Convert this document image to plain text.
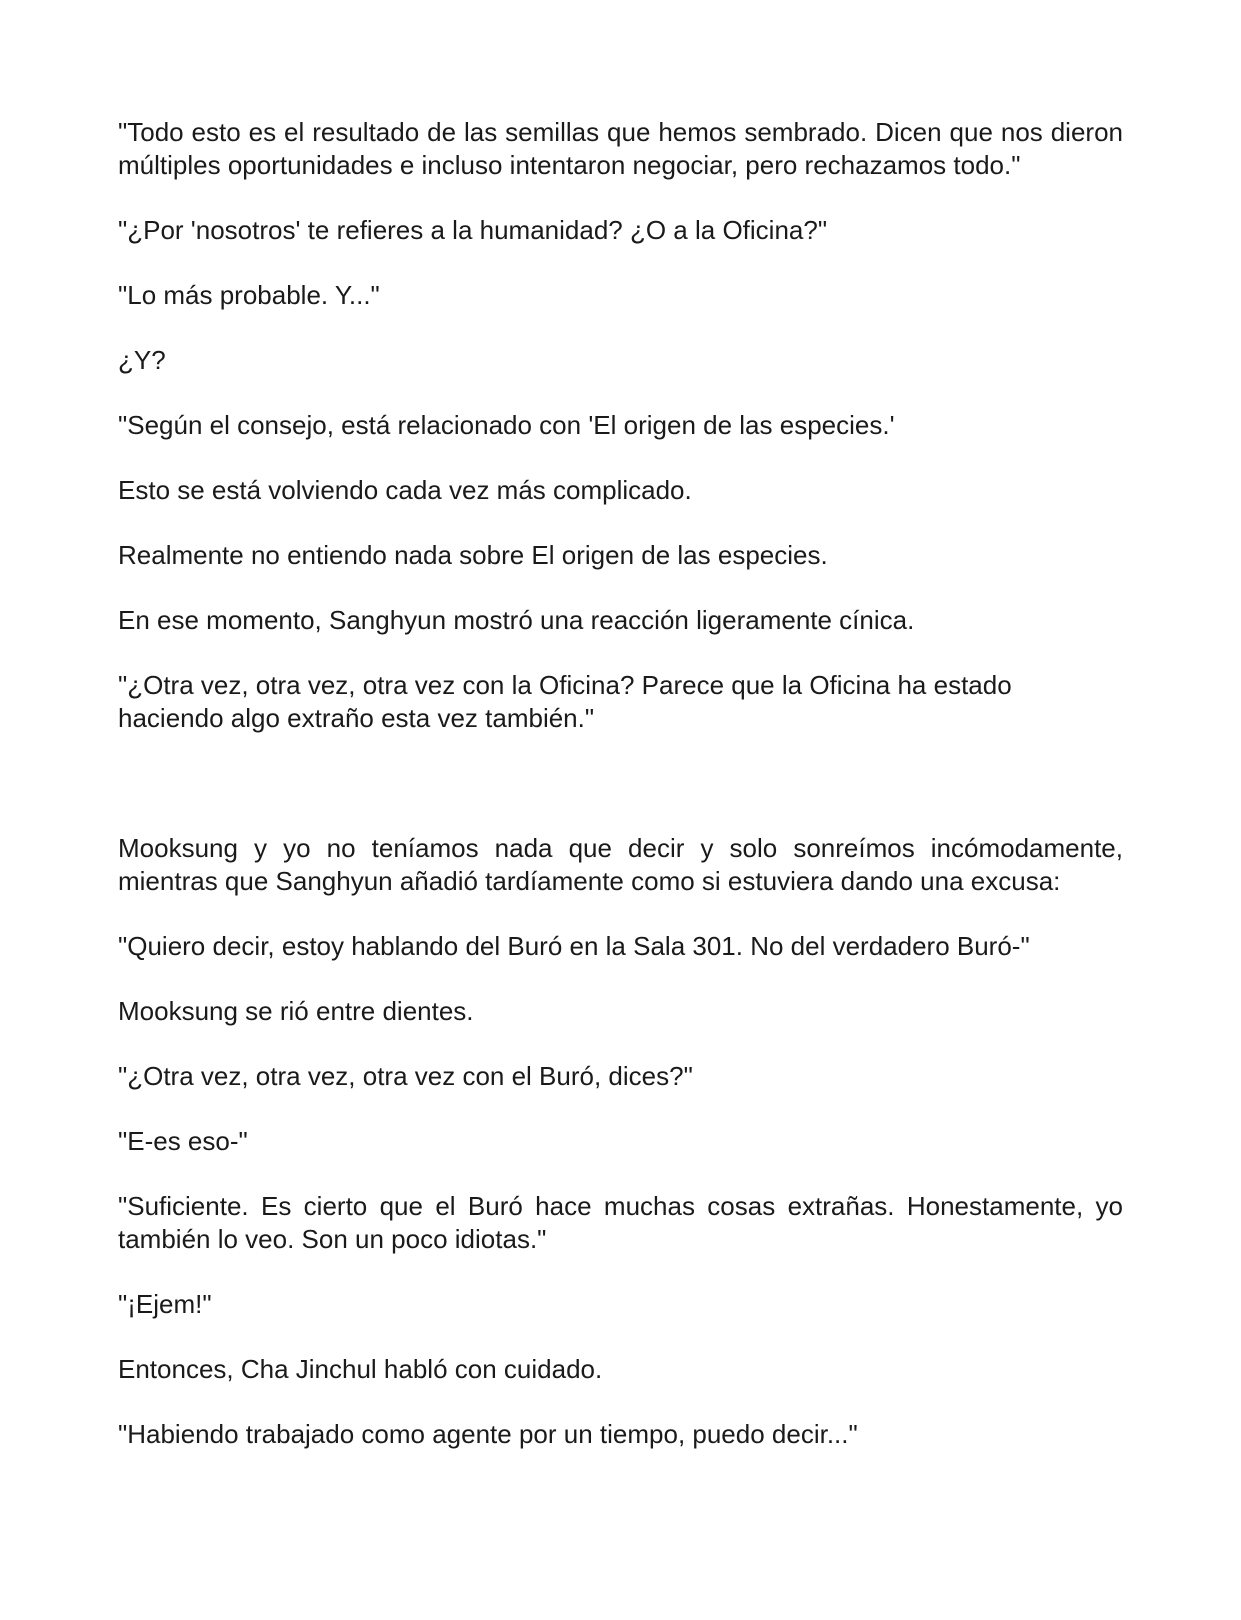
"Todo esto es el resultado de las semillas que hemos sembrado. Dicen que nos dieron múltiples oportunidades e incluso intentaron negociar, pero rechazamos todo."

"¿Por 'nosotros' te refieres a la humanidad? ¿O a la Oficina?"

"Lo más probable. Y..."

¿Y?

"Según el consejo, está relacionado con 'El origen de las especies.'

Esto se está volviendo cada vez más complicado.

Realmente no entiendo nada sobre El origen de las especies.

En ese momento, Sanghyun mostró una reacción ligeramente cínica.

"¿Otra vez, otra vez, otra vez con la Oficina? Parece que la Oficina ha estado haciendo algo extraño esta vez también."

Mooksung y yo no teníamos nada que decir y solo sonreímos incómodamente, mientras que Sanghyun añadió tardíamente como si estuviera dando una excusa:

"Quiero decir, estoy hablando del Buró en la Sala 301. No del verdadero Buró-"

Mooksung se rió entre dientes.

"¿Otra vez, otra vez, otra vez con el Buró, dices?"

"E-es eso-"

"Suficiente. Es cierto que el Buró hace muchas cosas extrañas. Honestamente, yo también lo veo. Son un poco idiotas."

"¡Ejem!"

Entonces, Cha Jinchul habló con cuidado.

"Habiendo trabajado como agente por un tiempo, puedo decir..."
